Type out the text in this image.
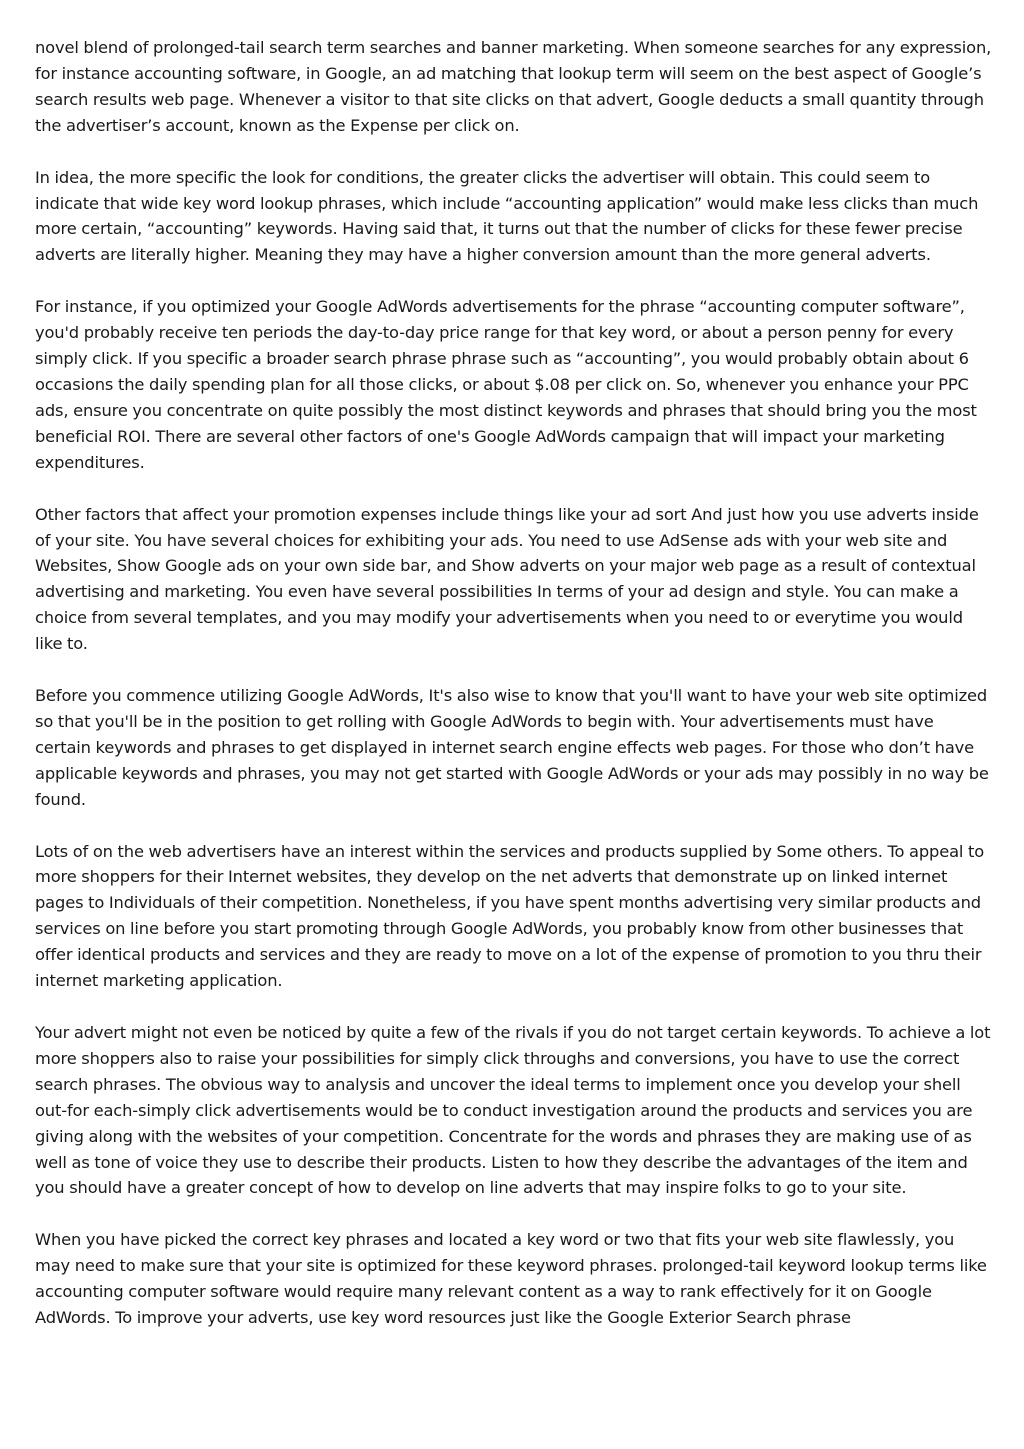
novel blend of prolonged-tail search term searches and banner marketing. When someone searches for any expression, for instance accounting software, in Google, an ad matching that lookup term will seem on the best aspect of Google’s search results web page. Whenever a visitor to that site clicks on that advert, Google deducts a small quantity through the advertiser’s account, known as the Expense per click on.

In idea, the more specific the look for conditions, the greater clicks the advertiser will obtain. This could seem to indicate that wide key word lookup phrases, which include “accounting application” would make less clicks than much more certain, “accounting” keywords. Having said that, it turns out that the number of clicks for these fewer precise adverts are literally higher. Meaning they may have a higher conversion amount than the more general adverts.

For instance, if you optimized your Google AdWords advertisements for the phrase “accounting computer software”, you'd probably receive ten periods the day-to-day price range for that key word, or about a person penny for every simply click. If you specific a broader search phrase phrase such as “accounting”, you would probably obtain about 6 occasions the daily spending plan for all those clicks, or about $.08 per click on. So, whenever you enhance your PPC ads, ensure you concentrate on quite possibly the most distinct keywords and phrases that should bring you the most beneficial ROI. There are several other factors of one's Google AdWords campaign that will impact your marketing expenditures.

Other factors that affect your promotion expenses include things like your ad sort And just how you use adverts inside of your site. You have several choices for exhibiting your ads. You need to use AdSense ads with your web site and Websites, Show Google ads on your own side bar, and Show adverts on your major web page as a result of contextual advertising and marketing. You even have several possibilities In terms of your ad design and style. You can make a choice from several templates, and you may modify your advertisements when you need to or everytime you would like to.

Before you commence utilizing Google AdWords, It's also wise to know that you'll want to have your web site optimized so that you'll be in the position to get rolling with Google AdWords to begin with. Your advertisements must have certain keywords and phrases to get displayed in internet search engine effects web pages. For those who don’t have applicable keywords and phrases, you may not get started with Google AdWords or your ads may possibly in no way be found.

Lots of on the web advertisers have an interest within the services and products supplied by Some others. To appeal to more shoppers for their Internet websites, they develop on the net adverts that demonstrate up on linked internet pages to Individuals of their competition. Nonetheless, if you have spent months advertising very similar products and services on line before you start promoting through Google AdWords, you probably know from other businesses that offer identical products and services and they are ready to move on a lot of the expense of promotion to you thru their internet marketing application.

Your advert might not even be noticed by quite a few of the rivals if you do not target certain keywords. To achieve a lot more shoppers also to raise your possibilities for simply click throughs and conversions, you have to use the correct search phrases. The obvious way to analysis and uncover the ideal terms to implement once you develop your shell out-for each-simply click advertisements would be to conduct investigation around the products and services you are giving along with the websites of your competition. Concentrate for the words and phrases they are making use of as well as tone of voice they use to describe their products. Listen to how they describe the advantages of the item and you should have a greater concept of how to develop on line adverts that may inspire folks to go to your site.

When you have picked the correct key phrases and located a key word or two that fits your web site flawlessly, you may need to make sure that your site is optimized for these keyword phrases. prolonged-tail keyword lookup terms like accounting computer software would require many relevant content as a way to rank effectively for it on Google AdWords. To improve your adverts, use key word resources just like the Google Exterior Search phrase
